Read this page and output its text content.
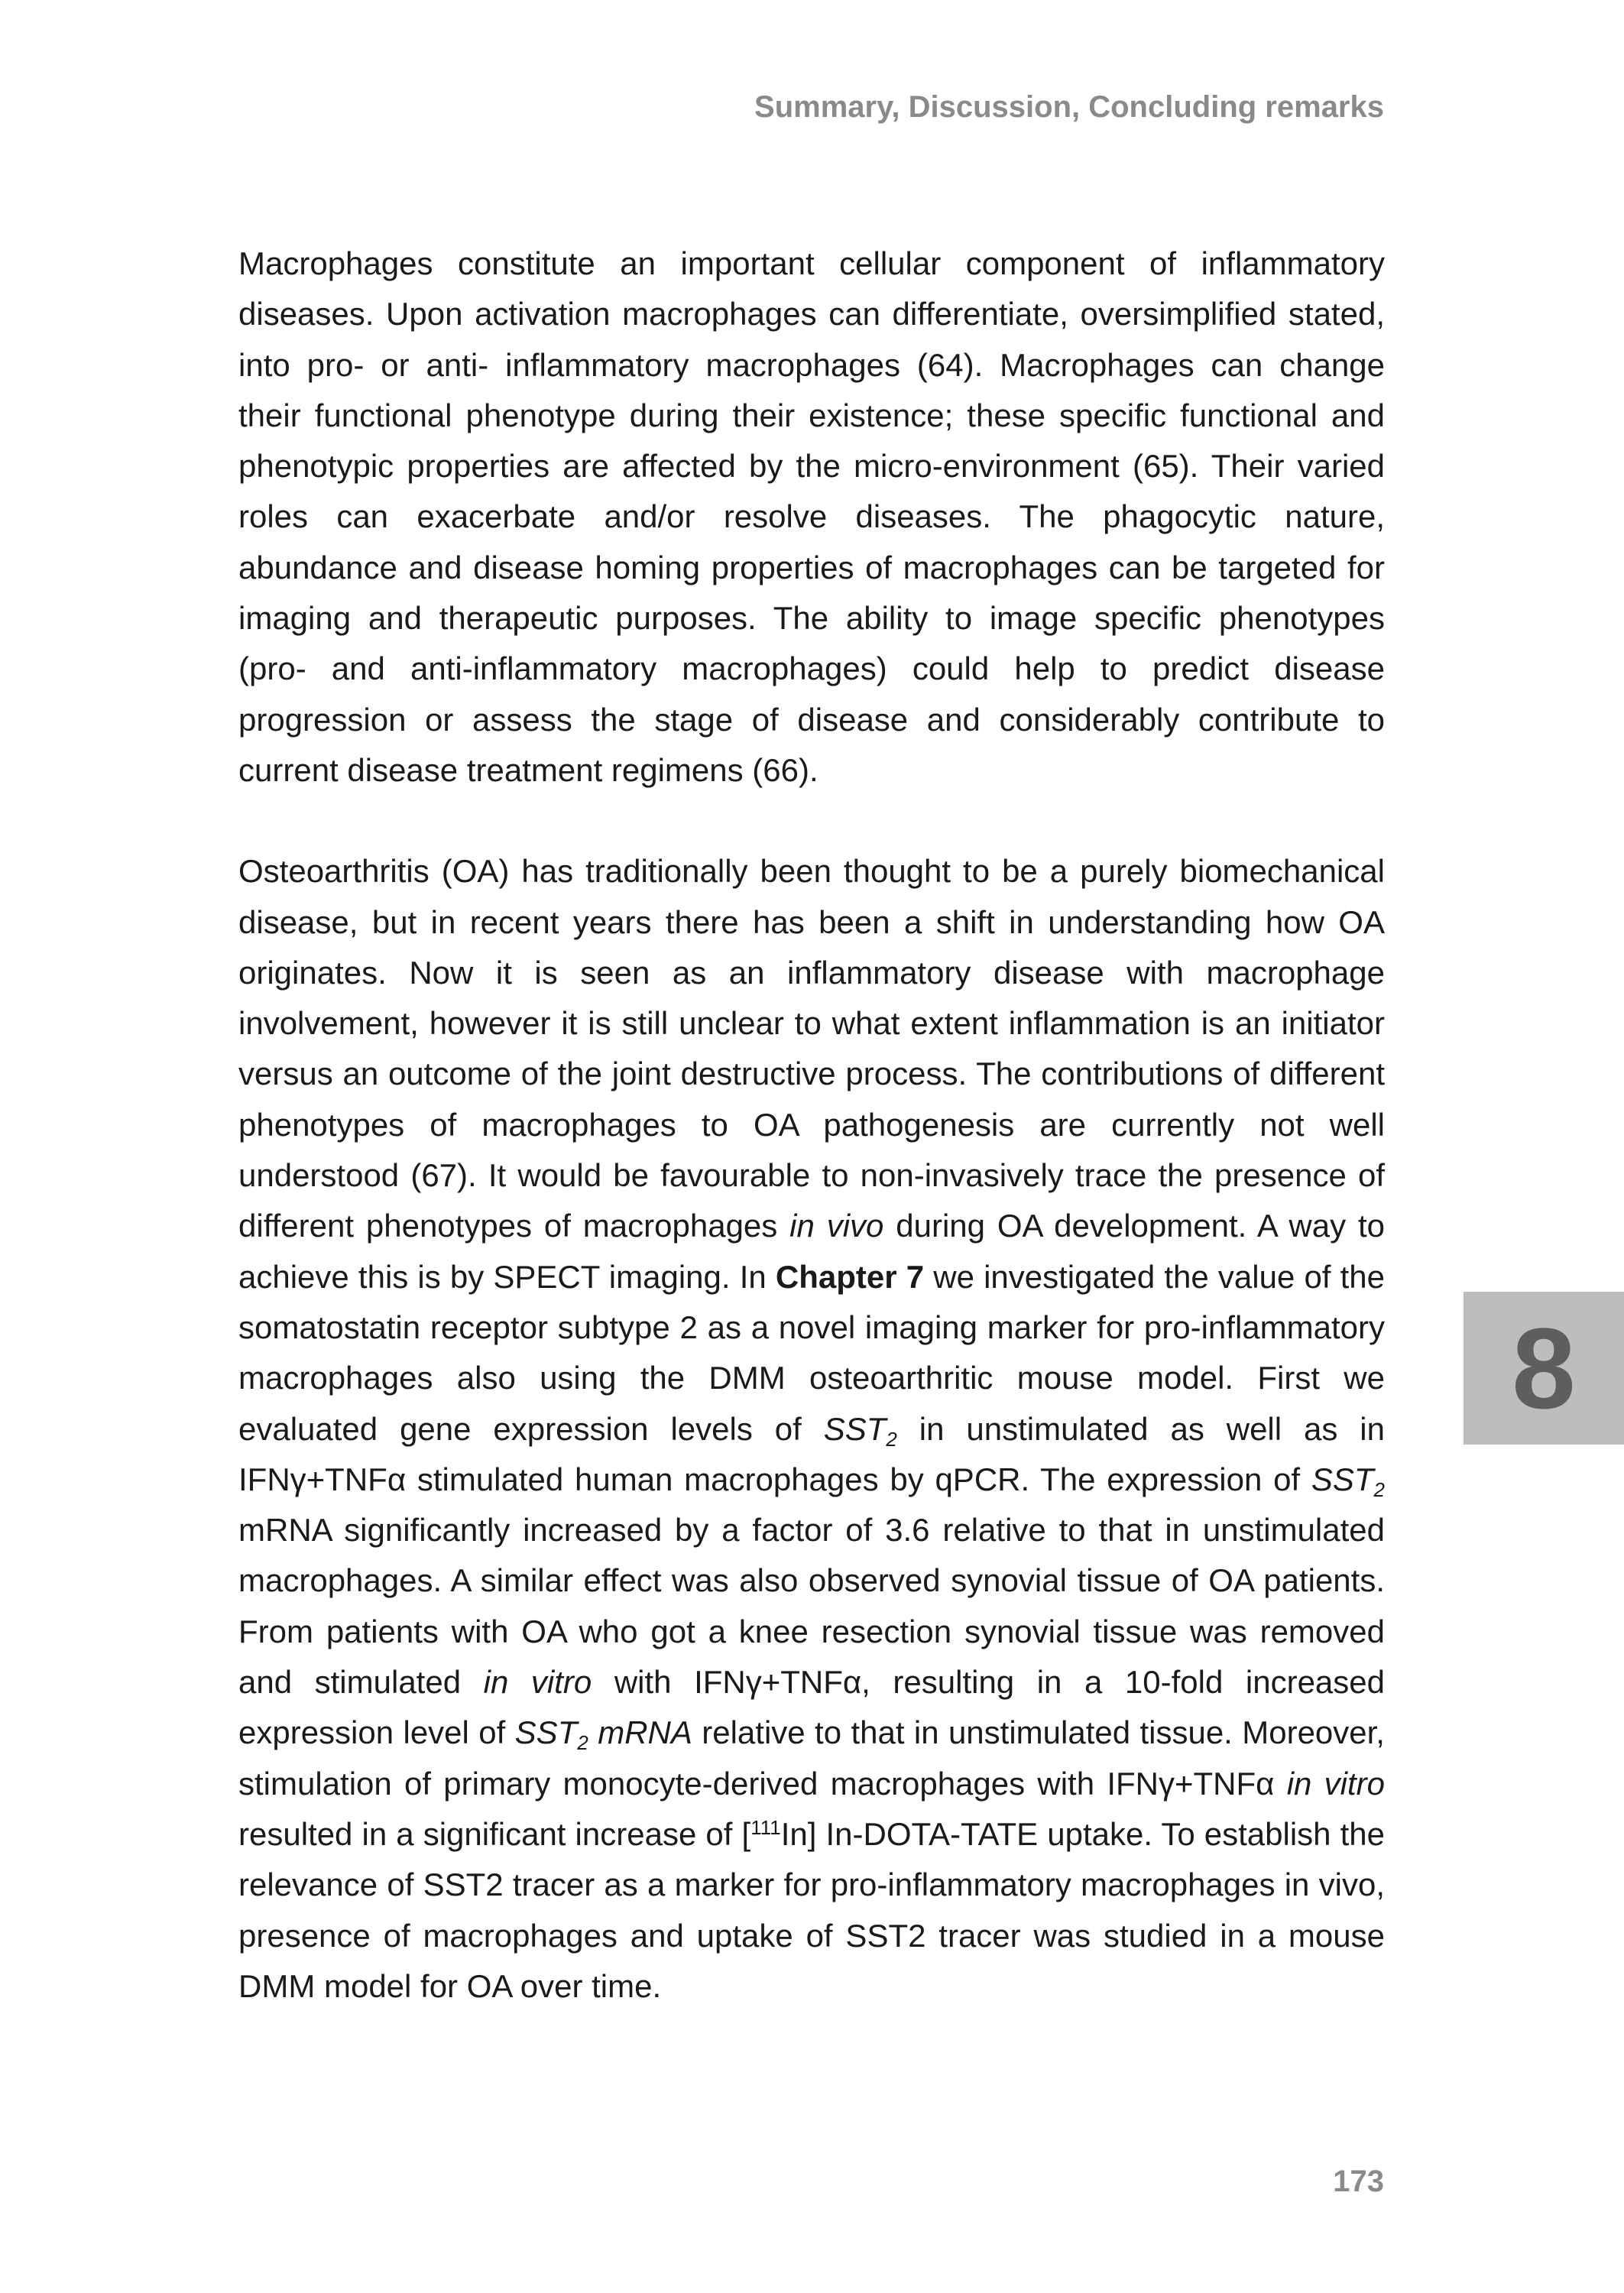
Summary, Discussion, Concluding remarks

Macrophages constitute an important cellular component of inflammatory diseases. Upon activation macrophages can differentiate, oversimplified stated, into pro- or anti- inflammatory macrophages (64). Macrophages can change their functional phenotype during their existence; these specific functional and phenotypic properties are affected by the micro-environment (65). Their varied roles can exacerbate and/or resolve diseases. The phagocytic nature, abundance and disease homing properties of macrophages can be targeted for imaging and therapeutic purposes. The ability to image specific phenotypes (pro- and anti-inflammatory macrophages) could help to predict disease progression or assess the stage of disease and considerably contribute to current disease treatment regimens (66).

Osteoarthritis (OA) has traditionally been thought to be a purely biomechanical disease, but in recent years there has been a shift in understanding how OA originates. Now it is seen as an inflammatory disease with macrophage involvement, however it is still unclear to what extent inflammation is an initiator versus an outcome of the joint destructive process. The contributions of different phenotypes of macrophages to OA pathogenesis are currently not well understood (67). It would be favourable to non-invasively trace the presence of different phenotypes of macrophages in vivo during OA development. A way to achieve this is by SPECT imaging. In Chapter 7 we investigated the value of the somatostatin receptor subtype 2 as a novel imaging marker for pro-inflammatory macrophages also using the DMM osteoarthritic mouse model. First we evaluated gene expression levels of $SST_2$ in unstimulated as well as in IFNγ+TNFα stimulated human macrophages by qPCR. The expression of $SST_2$ mRNA significantly increased by a factor of 3.6 relative to that in unstimulated macrophages. A similar effect was also observed synovial tissue of OA patients. From patients with OA who got a knee resection synovial tissue was removed and stimulated in vitro with IFNγ+TNFα, resulting in a 10-fold increased expression level of $SST_2$ mRNA relative to that in unstimulated tissue. Moreover, stimulation of primary monocyte-derived macrophages with IFNγ+TNFα in vitro resulted in a significant increase of [$^{111}$In] In-DOTA-TATE uptake. To establish the relevance of SST2 tracer as a marker for pro-inflammatory macrophages in vivo, presence of macrophages and uptake of SST2 tracer was studied in a mouse DMM model for OA over time.

8
173
